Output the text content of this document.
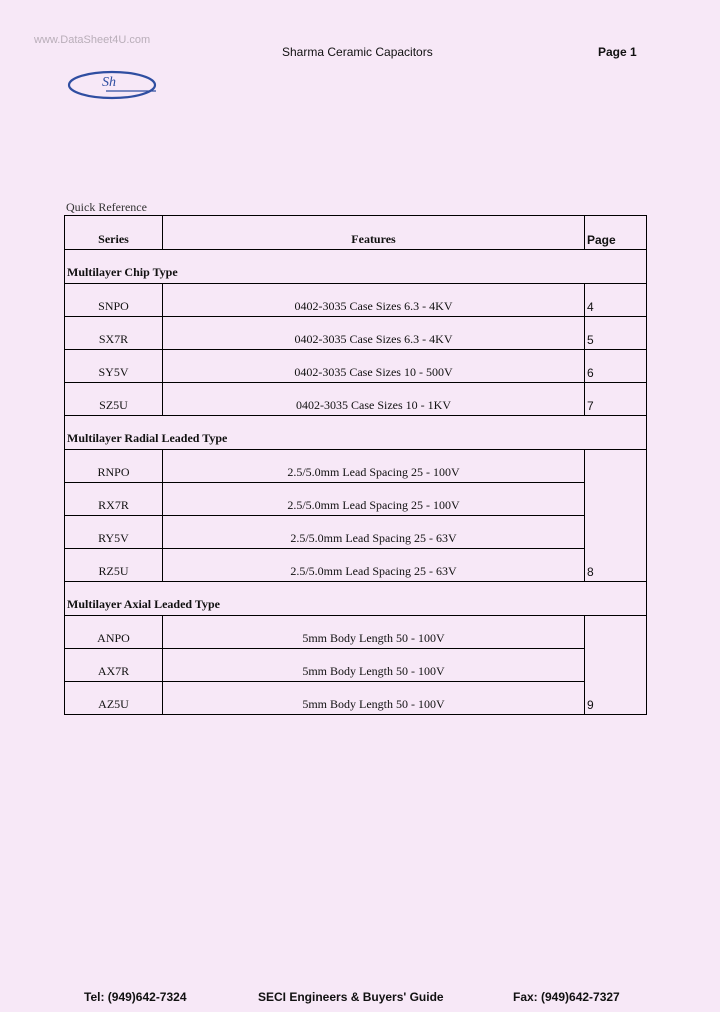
www.DataSheet4U.com
Sharma Ceramic Capacitors	Page 1
Sh
Quick Reference
Series	Features	Page
Multilayer Chip Type		
SNPO	0402-3035 Case Sizes 6.3 - 4KV	4
SX7R	0402-3035 Case Sizes 6.3 - 4KV	5
SY5V	0402-3035 Case Sizes 10 - 500V	6
SZ5U	0402-3035 Case Sizes 10 - 1KV	7
Multilayer Radial Leaded Type		
RNPO	2.5/5.0mm Lead Spacing 25 - 100V	8
RX7R	2.5/5.0mm Lead Spacing 25 - 100V	
RY5V	2.5/5.0mm Lead Spacing 25 - 63V	
RZ5U	2.5/5.0mm Lead Spacing 25 - 63V	
Multilayer Axial Leaded Type		
ANPO	5mm Body Length 50 - 100V	9
AX7R	5mm Body Length 50 - 100V	
AZ5U	5mm Body Length 50 - 100V	
Tel: (949)642-7324	SECI Engineers & Buyers' Guide	Fax: (949)642-7327
